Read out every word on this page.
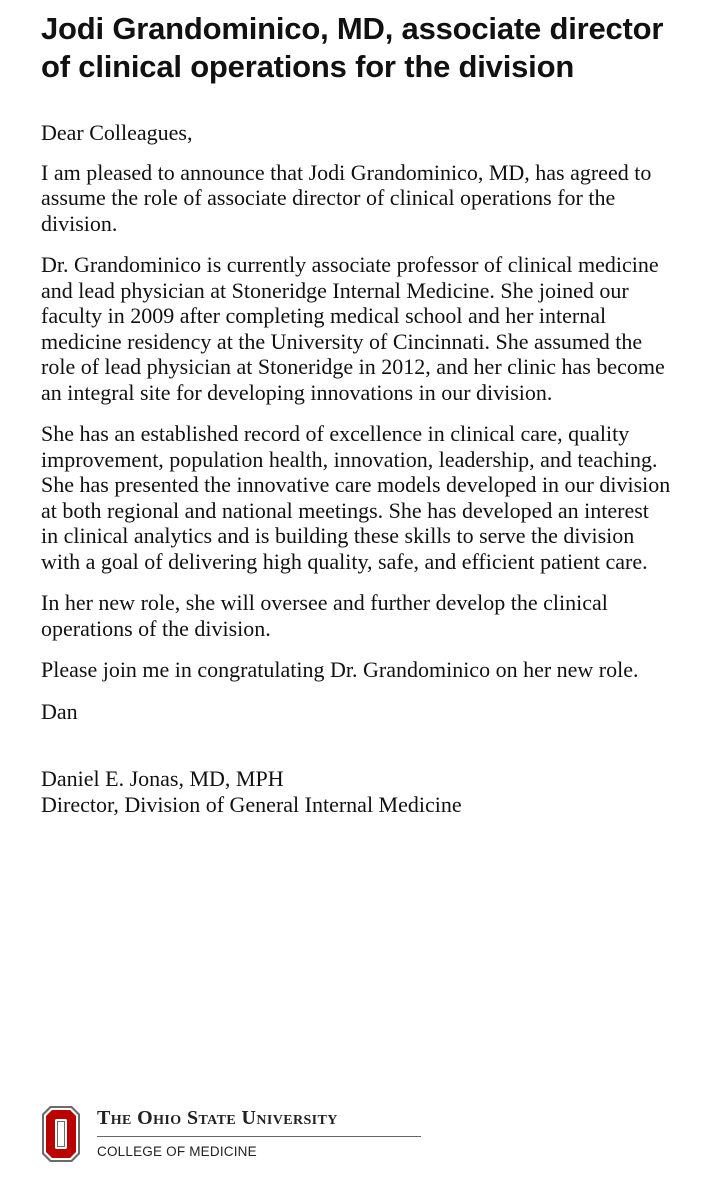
Jodi Grandominico, MD, associate director of clinical operations for the division

Dear Colleagues,

I am pleased to announce that Jodi Grandominico, MD, has agreed to assume the role of associate director of clinical operations for the division.

Dr. Grandominico is currently associate professor of clinical medicine and lead physician at Stoneridge Internal Medicine. She joined our faculty in 2009 after completing medical school and her internal medicine residency at the University of Cincinnati. She assumed the role of lead physician at Stoneridge in 2012, and her clinic has become an integral site for developing innovations in our division.

She has an established record of excellence in clinical care, quality improvement, population health, innovation, leadership, and teaching. She has presented the innovative care models developed in our division at both regional and national meetings. She has developed an interest in clinical analytics and is building these skills to serve the division with a goal of delivering high quality, safe, and efficient patient care.

In her new role, she will oversee and further develop the clinical operations of the division.

Please join me in congratulating Dr. Grandominico on her new role.

Dan

Daniel E. Jonas, MD, MPH
Director, Division of General Internal Medicine

The Ohio State University
COLLEGE OF MEDICINE
